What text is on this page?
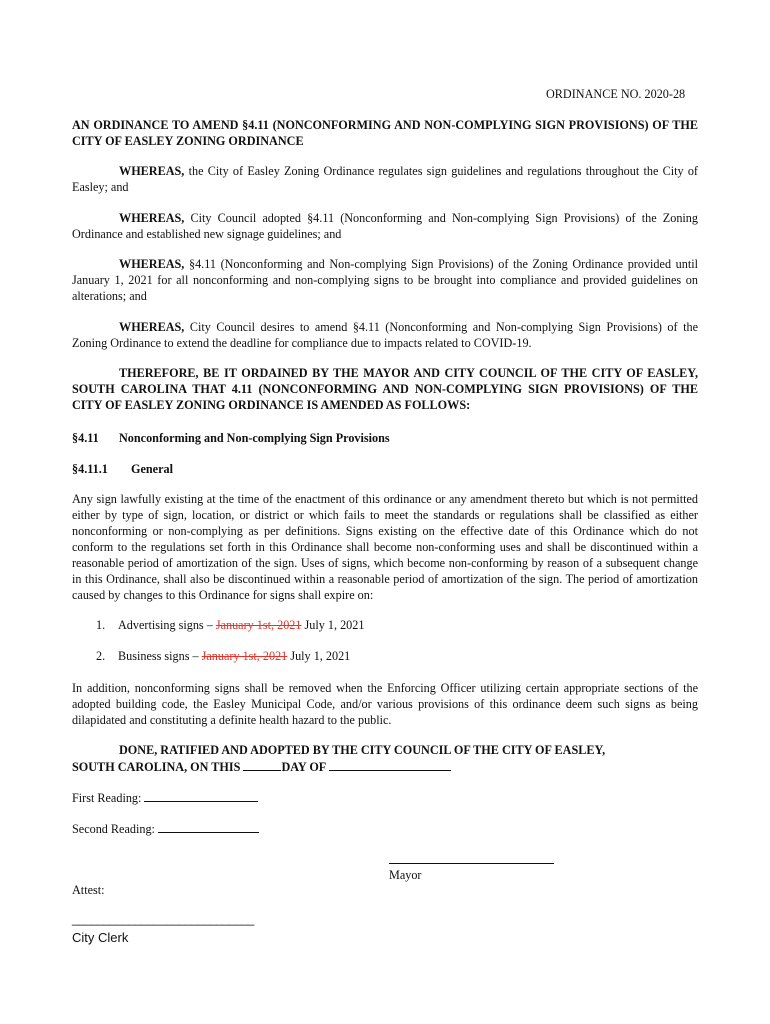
ORDINANCE NO. 2020-28
AN ORDINANCE TO AMEND §4.11 (NONCONFORMING AND NON-COMPLYING SIGN PROVISIONS) OF THE CITY OF EASLEY ZONING ORDINANCE
WHEREAS, the City of Easley Zoning Ordinance regulates sign guidelines and regulations throughout the City of Easley; and
WHEREAS, City Council adopted §4.11 (Nonconforming and Non-complying Sign Provisions) of the Zoning Ordinance and established new signage guidelines; and
WHEREAS, §4.11 (Nonconforming and Non-complying Sign Provisions) of the Zoning Ordinance provided until January 1, 2021 for all nonconforming and non-complying signs to be brought into compliance and provided guidelines on alterations; and
WHEREAS, City Council desires to amend §4.11 (Nonconforming and Non-complying Sign Provisions) of the Zoning Ordinance to extend the deadline for compliance due to impacts related to COVID-19.
THEREFORE, BE IT ORDAINED BY THE MAYOR AND CITY COUNCIL OF THE CITY OF EASLEY, SOUTH CAROLINA THAT 4.11 (NONCONFORMING AND NON-COMPLYING SIGN PROVISIONS) OF THE CITY OF EASLEY ZONING ORDINANCE IS AMENDED AS FOLLOWS:
§4.11 Nonconforming and Non-complying Sign Provisions
§4.11.1 General
Any sign lawfully existing at the time of the enactment of this ordinance or any amendment thereto but which is not permitted either by type of sign, location, or district or which fails to meet the standards or regulations shall be classified as either nonconforming or non-complying as per definitions. Signs existing on the effective date of this Ordinance which do not conform to the regulations set forth in this Ordinance shall become non-conforming uses and shall be discontinued within a reasonable period of amortization of the sign. Uses of signs, which become non-conforming by reason of a subsequent change in this Ordinance, shall also be discontinued within a reasonable period of amortization of the sign. The period of amortization caused by changes to this Ordinance for signs shall expire on:
1. Advertising signs – January 1st, 2021 July 1, 2021
2. Business signs – January 1st, 2021 July 1, 2021
In addition, nonconforming signs shall be removed when the Enforcing Officer utilizing certain appropriate sections of the adopted building code, the Easley Municipal Code, and/or various provisions of this ordinance deem such signs as being dilapidated and constituting a definite health hazard to the public.
DONE, RATIFIED AND ADOPTED BY THE CITY COUNCIL OF THE CITY OF EASLEY,
SOUTH CAROLINA, ON THIS	DAY OF
First Reading:
Second Reading:
Mayor
Attest:
_____________________________
City Clerk
